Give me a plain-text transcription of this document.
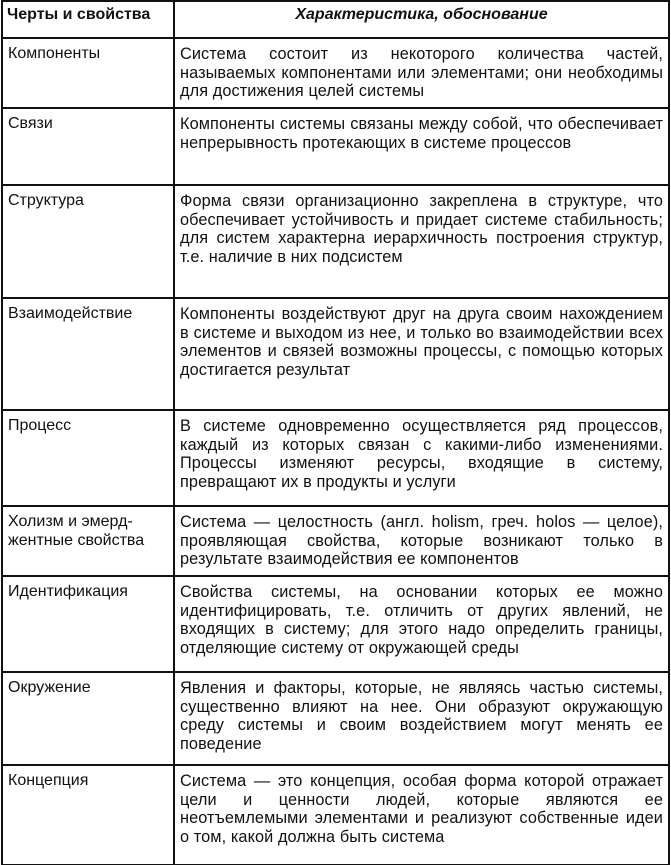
Черты и свойства	Характеристика, обоснование
Компоненты	Система состоит из некоторого количества частей, называемых компонентами или элементами; они необходимы для достижения целей системы
Связи	Компоненты системы связаны между собой, что обеспечивает непрерывность протекающих в системе процессов
Структура	Форма связи организационно закреплена в структуре, что обеспечивает устойчивость и придает системе стабильность; для систем характерна иерархичность построения структур, т.е. наличие в них подсистем
Взаимодействие	Компоненты воздействуют друг на друга своим нахождением в системе и выходом из нее, и только во взаимодействии всех элементов и связей возможны процессы, с помощью которых достигается результат
Процесс	В системе одновременно осуществляется ряд процессов, каждый из которых связан с какими-либо изменениями. Процессы изменяют ресурсы, входящие в систему, превращают их в продукты и услуги
Холизм и эмерджентные свойства	Система — целостность (англ. holism, греч. holos — целое), проявляющая свойства, которые возникают только в результате взаимодействия ее компонентов
Идентификация	Свойства системы, на основании которых ее можно идентифицировать, т.е. отличить от других явлений, не входящих в систему; для этого надо определить границы, отделяющие систему от окружающей среды
Окружение	Явления и факторы, которые, не являясь частью системы, существенно влияют на нее. Они образуют окружающую среду системы и своим воздействием могут менять ее поведение
Концепция	Система — это концепция, особая форма которой отражает цели и ценности людей, которые являются ее неотъемлемыми элементами и реализуют собственные идеи о том, какой должна быть система
